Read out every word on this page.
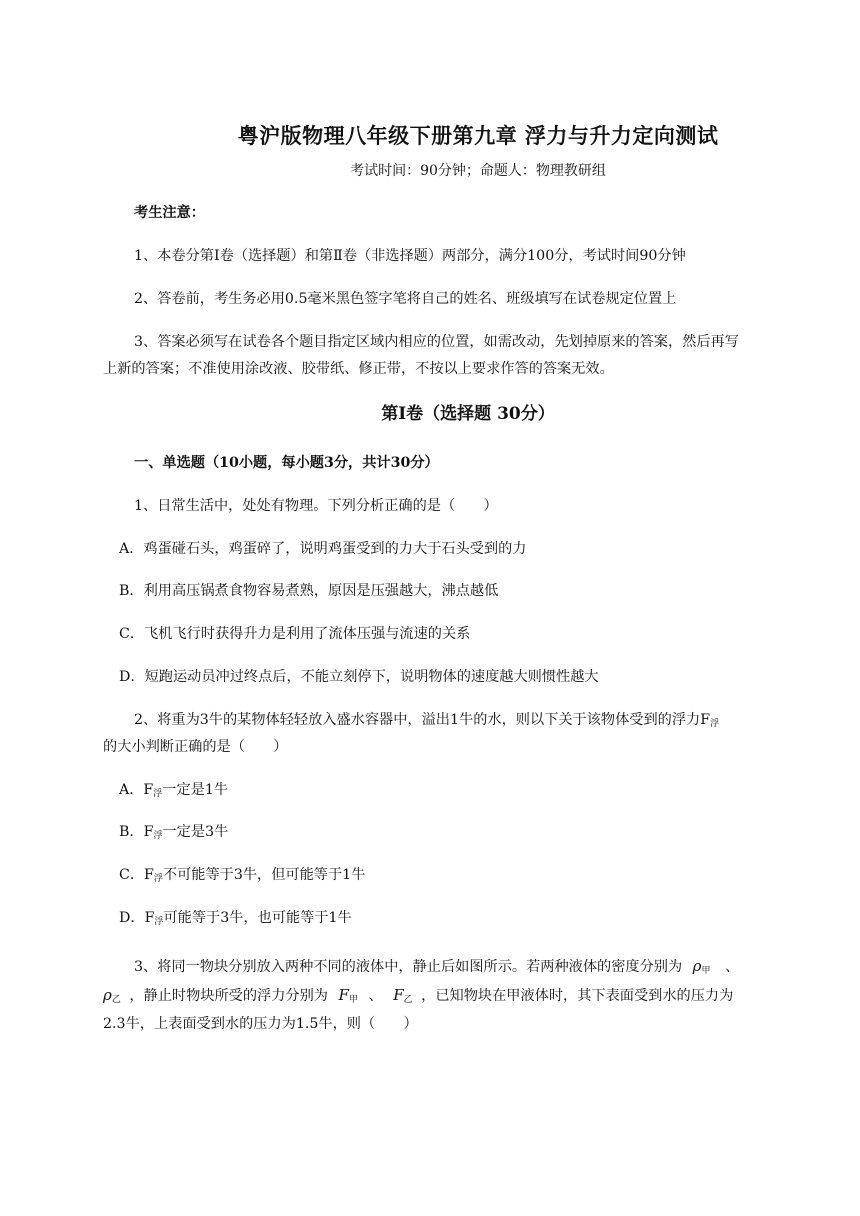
粤沪版物理八年级下册第九章 浮力与升力定向测试
考试时间：90分钟；命题人：物理教研组
考生注意：
1、本卷分第Ⅰ卷（选择题）和第Ⅱ卷（非选择题）两部分，满分100分，考试时间90分钟
2、答卷前，考生务必用0.5毫米黑色签字笔将自己的姓名、班级填写在试卷规定位置上
3、答案必须写在试卷各个题目指定区域内相应的位置，如需改动，先划掉原来的答案，然后再写
上新的答案；不准使用涂改液、胶带纸、修正带，不按以上要求作答的答案无效。
第Ⅰ卷（选择题 30分）
一、单选题（10小题，每小题3分，共计30分）
1、日常生活中，处处有物理。下列分析正确的是（　　）
A．鸡蛋碰石头，鸡蛋碎了，说明鸡蛋受到的力大于石头受到的力
B．利用高压锅煮食物容易煮熟，原因是压强越大，沸点越低
C．飞机飞行时获得升力是利用了流体压强与流速的关系
D．短跑运动员冲过终点后，不能立刻停下，说明物体的速度越大则惯性越大
2、将重为3牛的某物体轻轻放入盛水容器中，溢出1牛的水，则以下关于该物体受到的浮力$F_浮$
的大小判断正确的是（　　）
A．$F_浮$一定是1牛
B．$F_浮$一定是3牛
C．$F_浮$不可能等于3牛，但可能等于1牛
D．$F_浮$可能等于3牛，也可能等于1牛
3、将同一物块分别放入两种不同的液体中，静止后如图所示。若两种液体的密度分别为 $\rho_甲$ 、
$\rho_乙$ ，静止时物块所受的浮力分别为 $F_甲$ 、 $F_乙$ ，已知物块在甲液体时，其下表面受到水的压力为
2.3牛，上表面受到水的压力为1.5牛，则（　　）
